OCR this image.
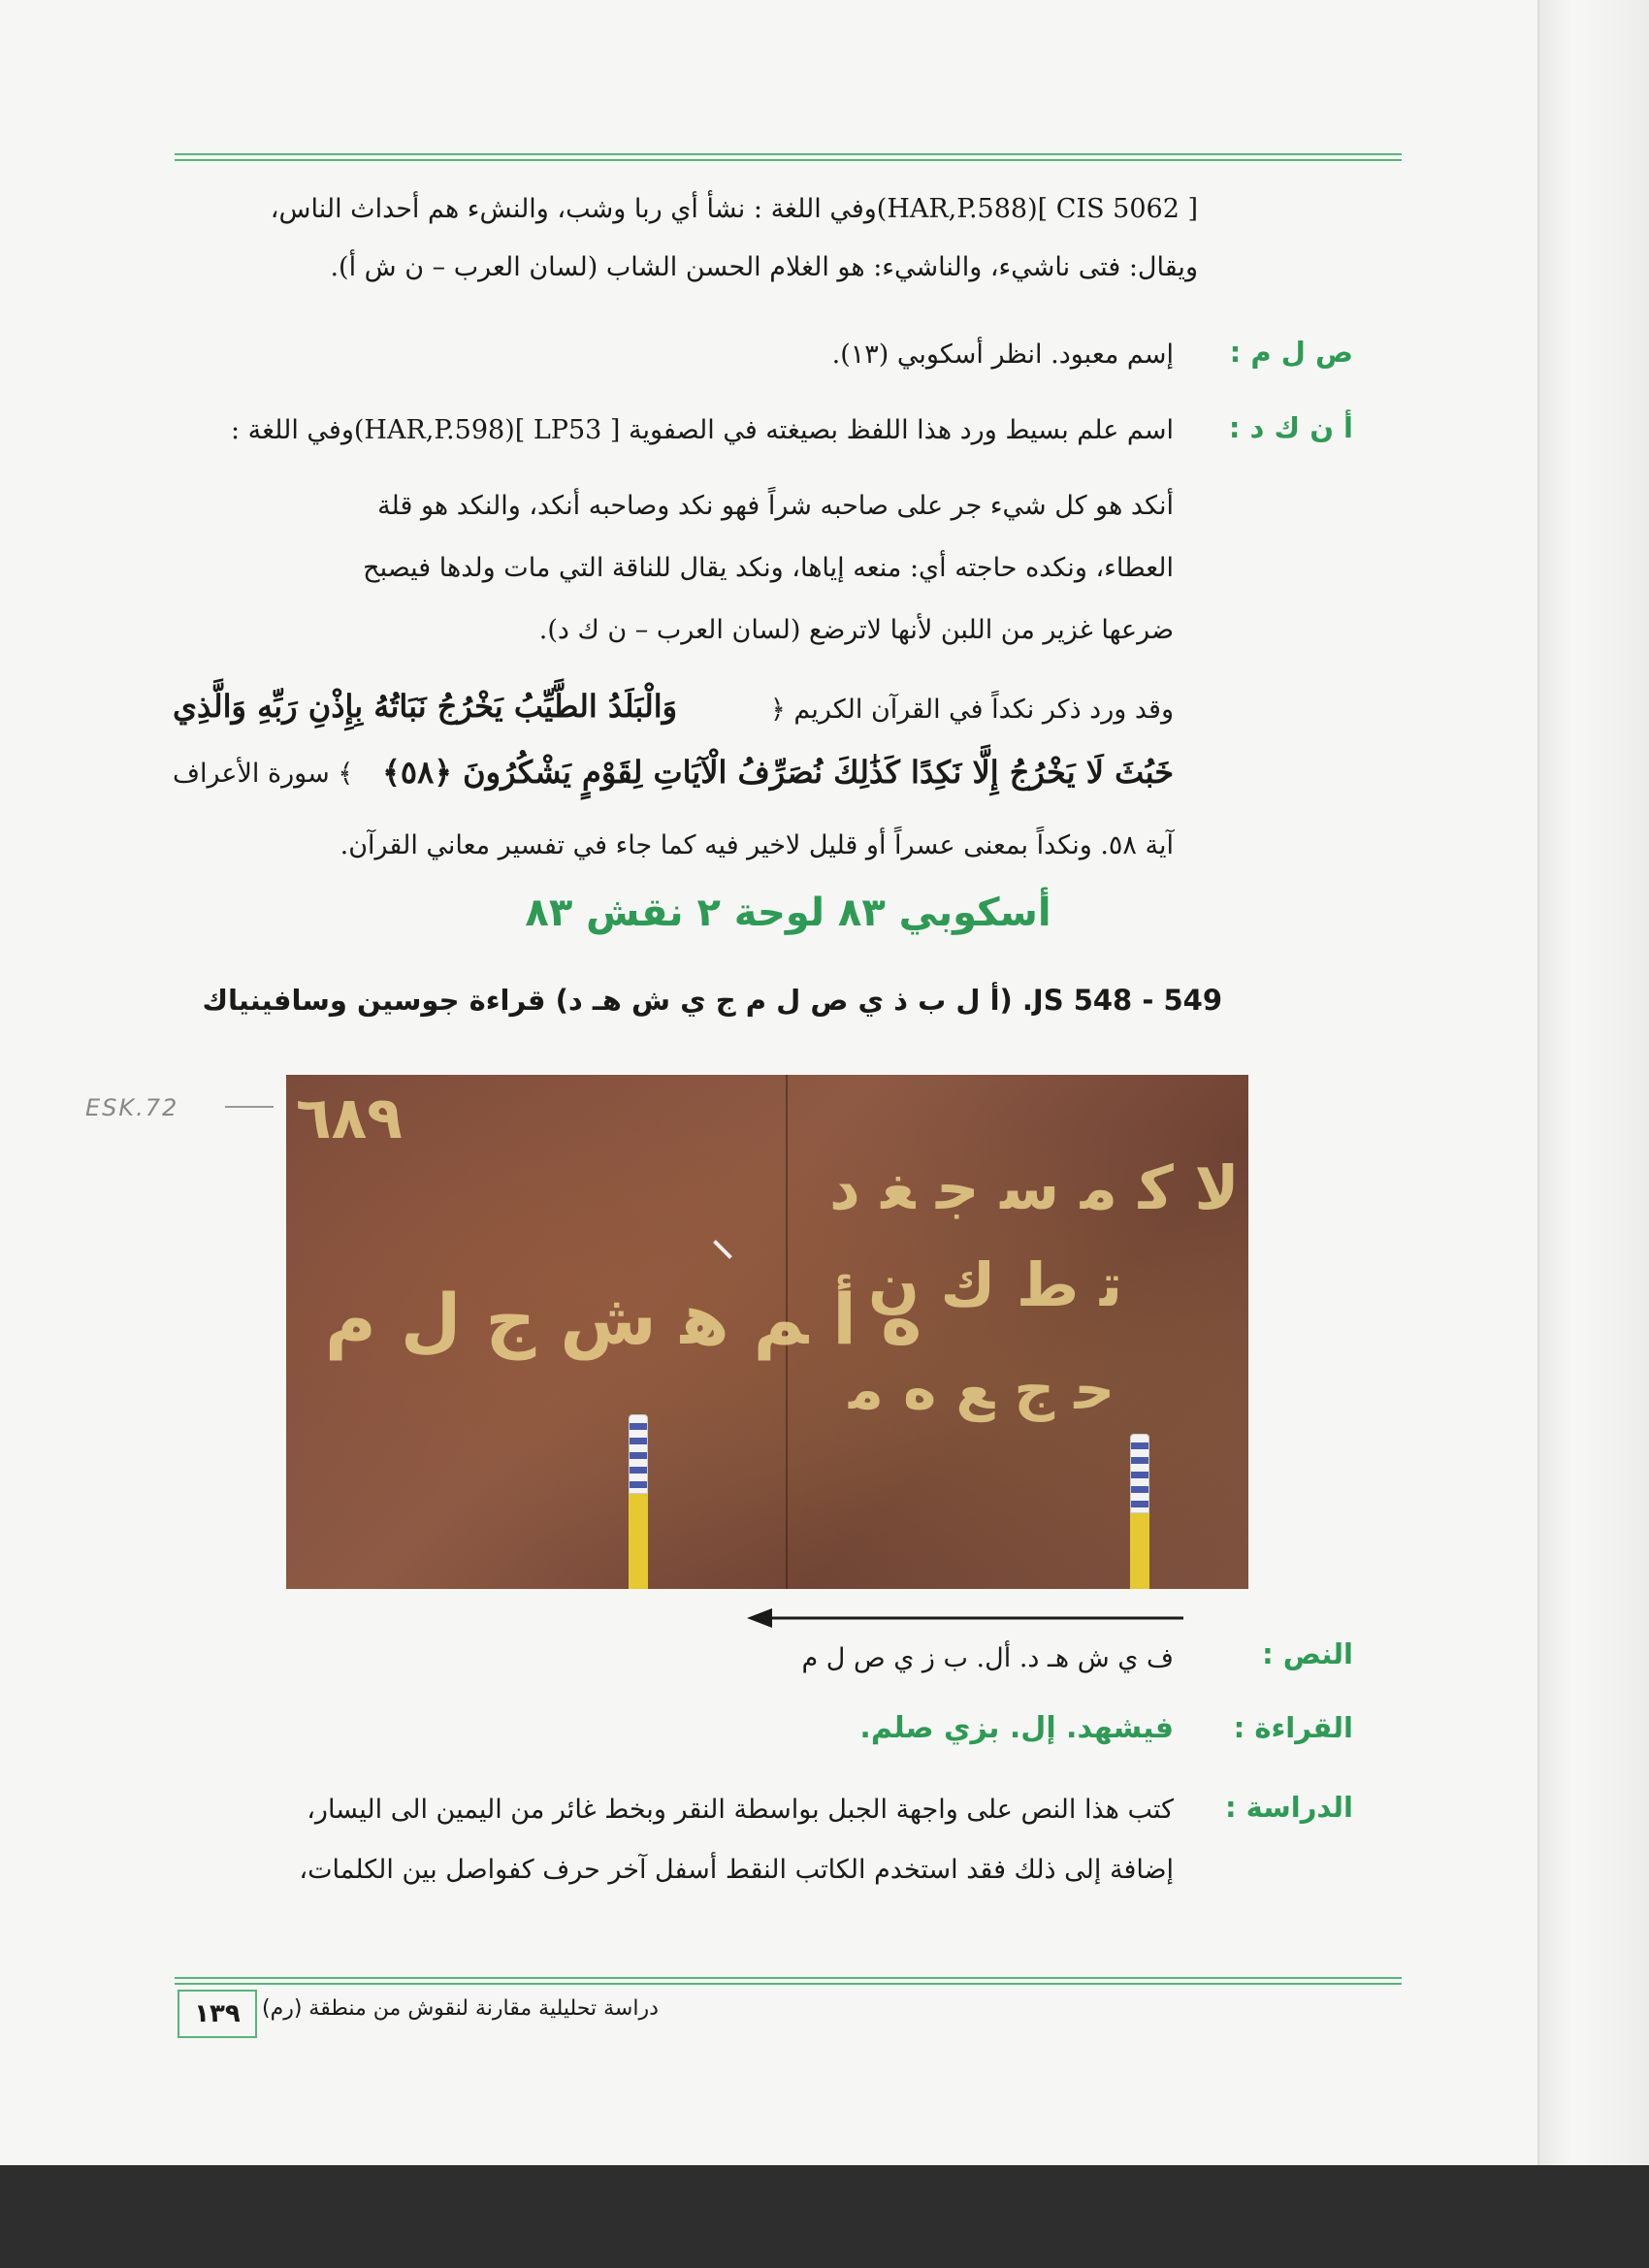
[ CIS 5062 ](HAR,P.588)وفي اللغة : نشأ أي ربا وشب، والنشء هم أحداث الناس،
ويقال: فتى ناشيء، والناشيء: هو الغلام الحسن الشاب (لسان العرب – ن ش أ).
ص ل م :
إسم معبود. انظر أسكوبي (١٣).
أ ن ك د :
اسم علم بسيط ورد هذا اللفظ بصيغته في الصفوية [ LP53 ](HAR,P.598)وفي اللغة :
أنكد هو كل شيء جر على صاحبه شراً فهو نكد وصاحبه أنكد، والنكد هو قلة
العطاء، ونكده حاجته أي: منعه إياها، ونكد يقال للناقة التي مات ولدها فيصبح
ضرعها غزير من اللبن لأنها لاترضع (لسان العرب – ن ك د).
وقد ورد ذكر نكداً في القرآن الكريم ﴿
وَالْبَلَدُ الطَّيِّبُ يَخْرُجُ نَبَاتُهُ بِإِذْنِ رَبِّهِ وَالَّذِي
خَبُثَ لَا يَخْرُجُ إِلَّا نَكِدًا كَذَٰلِكَ نُصَرِّفُ الْآيَاتِ لِقَوْمٍ يَشْكُرُونَ ﴿٥٨﴾
﴾ سورة الأعراف
آية ٥٨. ونكداً بمعنى عسراً أو قليل لاخير فيه كما جاء في تفسير معاني القرآن.
أسكوبي ٨٣ لوحة ٢ نقش ٨٣
JS 548 - 549. (أ ل ب ذ ي ص ل م ج ي ش هـ د) قراءة جوسين وسافينياك
ESK.72 ٦٨٩
ﻩ ﺃ ﻢ ﻫ ﺵ ﺝ ﻝ ﻡ
ﻻ ﻛ ﻣ ﺳ ﺟ ﻐ ﺩ
ﺗ ﻁ ﻙ ﻥ
ﺣ ﺝ ﻊ ﻩ ﻣ
النص :
ف ي ش هـ د. أل. ب ز ي ص ل م
القراءة :
فيشهد. إل. بزي صلم.
الدراسة :
كتب هذا النص على واجهة الجبل بواسطة النقر وبخط غائر من اليمين الى اليسار،
إضافة إلى ذلك فقد استخدم الكاتب النقط أسفل آخر حرف كفواصل بين الكلمات،
١٣٩	دراسة تحليلية مقارنة لنقوش من منطقة (رم)
